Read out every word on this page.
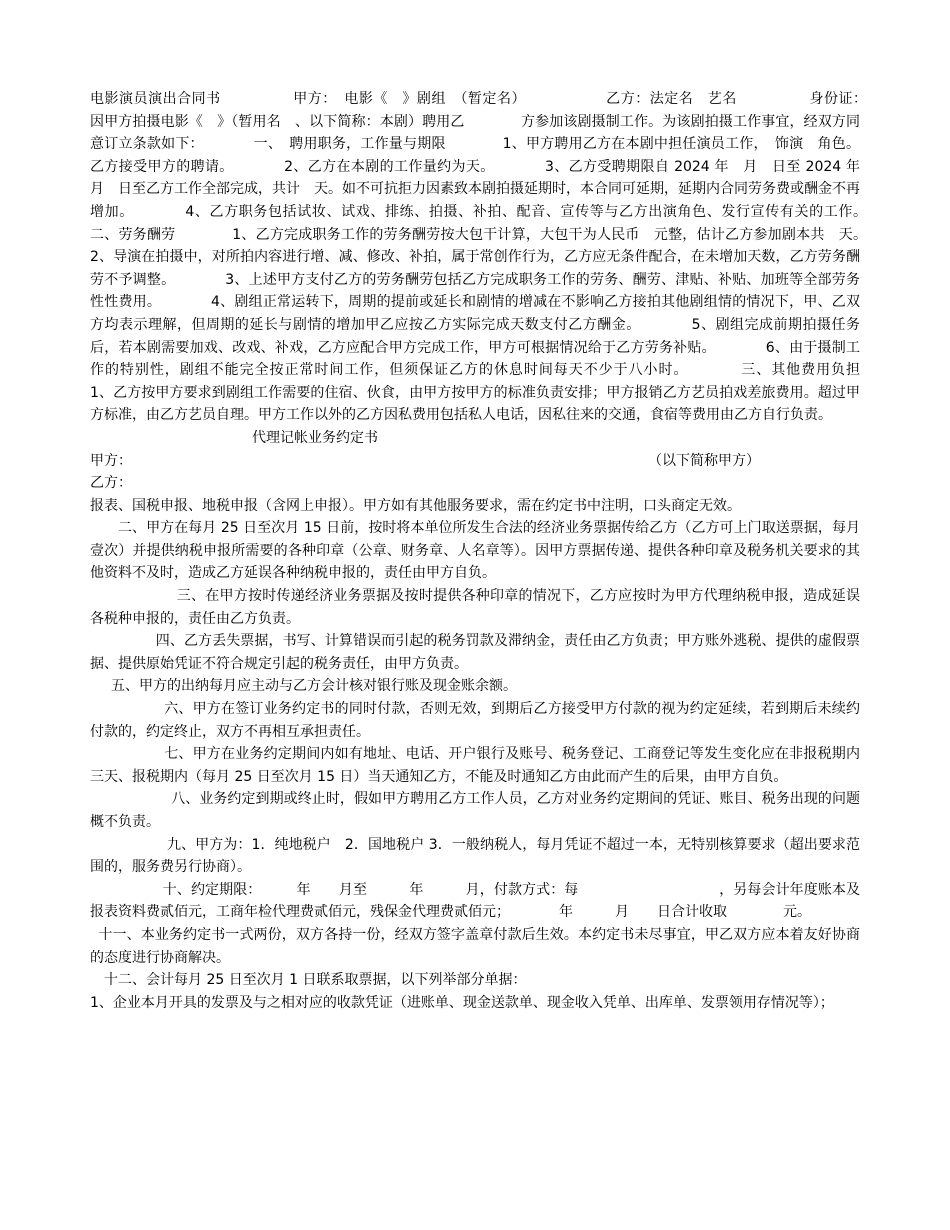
电影演员演出合同书　　　　　甲方：　电影《　》剧组　（暂定名）　　　　　　乙方：法定名　艺名　　　　　身份证：　　　　因甲方拍摄电影《　》（暂用名　、以下简称：本剧）聘用乙　　　　方参加该剧摄制工作。为该剧拍摄工作事宜，经双方同意订立条款如下：　　　　一、　聘用职务，工作量与期限　　　　1、甲方聘用乙方在本剧中担任演员工作，　饰演　角色。乙方接受甲方的聘请。　　　　2、乙方在本剧的工作量约为天。　　　　3、乙方受聘期限自 2024 年　月　日至 2024 年　月　日至乙方工作全部完成，共计　天。如不可抗拒力因素致本剧拍摄延期时，本合同可延期，延期内合同劳务费或酬金不再增加。　　　　4、乙方职务包括试妆、试戏、排练、拍摄、补拍、配音、宣传等与乙方出演角色、发行宣传有关的工作。　　　　二、劳务酬劳　　　　1、乙方完成职务工作的劳务酬劳按大包干计算，大包干为人民币　元整，估计乙方参加剧本共　天。　　　　2、导演在拍摄中，对所拍内容进行增、减、修改、补拍，属于常创作行为，乙方应无条件配合，在未增加天数，乙方劳务酬劳不予调整。　　　　3、上述甲方支付乙方的劳务酬劳包括乙方完成职务工作的劳务、酬劳、津贴、补贴、加班等全部劳务性性费用。　　　　4、剧组正常运转下，周期的提前或延长和剧情的增减在不影响乙方接拍其他剧组情的情况下，甲、乙双方均表示理解，但周期的延长与剧情的增加甲乙应按乙方实际完成天数支付乙方酬金。　　　　5、剧组完成前期拍摄任务后，若本剧需要加戏、改戏、补戏，乙方应配合甲方完成工作，甲方可根据情况给于乙方劳务补贴。　　　　6、由于摄制工作的特别性，剧组不能完全按正常时间工作，但须保证乙方的休息时间每天不少于八小时。　　　　三、其他费用负担　　　　1、乙方按甲方要求到剧组工作需要的住宿、伙食，由甲方按甲方的标准负责安排；甲方报销乙方艺员拍戏差旅费用。超过甲方标准，由乙方艺员自理。甲方工作以外的乙方因私费用包括私人电话，因私往来的交通，食宿等费用由乙方自行负责。

代理记帐业务约定书

甲方：	（以下简称甲方）

乙方：

报表、国税申报、地税申报（含网上申报）。甲方如有其他服务要求，需在约定书中注明，口头商定无效。

二、甲方在每月 25 日至次月 15 日前，按时将本单位所发生合法的经济业务票据传给乙方（乙方可上门取送票据，每月壹次）并提供纳税申报所需要的各种印章（公章、财务章、人名章等）。因甲方票据传递、提供各种印章及税务机关要求的其他资料不及时，造成乙方延误各种纳税申报的，责任由甲方自负。

三、在甲方按时传递经济业务票据及按时提供各种印章的情况下，乙方应按时为甲方代理纳税申报，造成延误各税种申报的，责任由乙方负责。

四、乙方丢失票据，书写、计算错误而引起的税务罚款及滞纳金，责任由乙方负责；甲方账外逃税、提供的虚假票据、提供原始凭证不符合规定引起的税务责任，由甲方负责。

五、甲方的出纳每月应主动与乙方会计核对银行账及现金账余额。

六、甲方在签订业务约定书的同时付款，否则无效，到期后乙方接受甲方付款的视为约定延续，若到期后未续约付款的，约定终止，双方不再相互承担责任。

七、甲方在业务约定期间内如有地址、电话、开户银行及账号、税务登记、工商登记等发生变化应在非报税期内三天、报税期内（每月 25 日至次月 15 日）当天通知乙方，不能及时通知乙方由此而产生的后果，由甲方自负。

八、业务约定到期或终止时，假如甲方聘用乙方工作人员，乙方对业务约定期间的凭证、账目、税务出现的问题概不负责。

九、甲方为：1．纯地税户　2．国地税户 3．一般纳税人，每月凭证不超过一本，无特别核算要求（超出要求范围的，服务费另行协商）。

十、约定期限：　　　年　　月至　　　年　　　月，付款方式：每　　　　　　　　　　，另每会计年度账本及报表资料费贰佰元，工商年检代理费贰佰元，残保金代理费贰佰元；　　　　年　　　月　　日合计收取　　　　元。

十一、本业务约定书一式两份，双方各持一份，经双方签字盖章付款后生效。本约定书未尽事宜，甲乙双方应本着友好协商的态度进行协商解决。

十二、会计每月 25 日至次月 1 日联系取票据，以下列举部分单据：

1、企业本月开具的发票及与之相对应的收款凭证（进账单、现金送款单、现金收入凭单、出库单、发票领用存情况等）；
